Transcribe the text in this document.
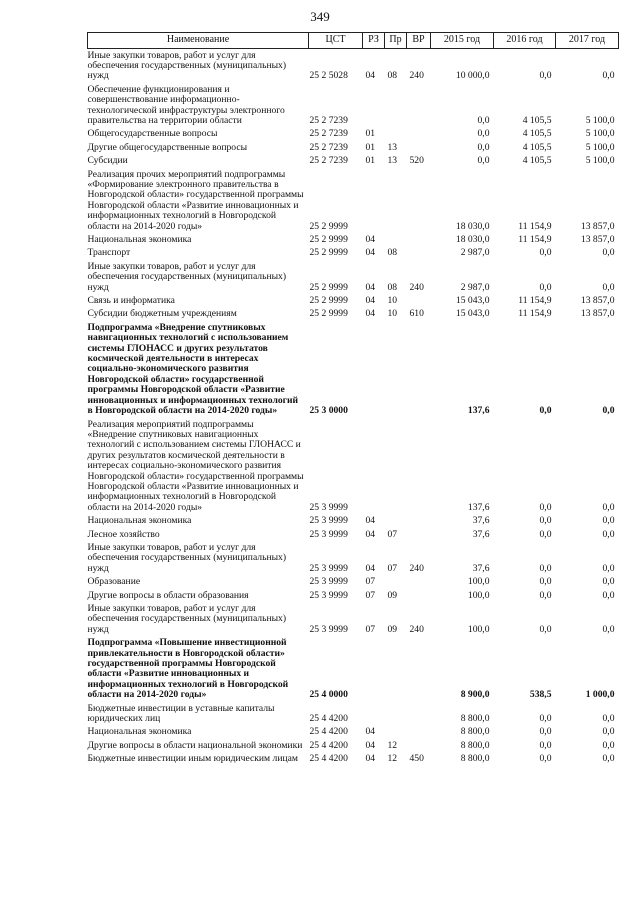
349
Наименование	ЦСТ	РЗ	Пр	ВР	2015 год	2016 год	2017 год
Иные закупки товаров, работ и услуг для обеспечения государственных (муниципальных) нужд	25 2 5028	04	08	240	10 000,0	0,0	0,0
Обеспечение функционирования и совершенствование информационно-технологической инфраструктуры электронного правительства на территории области	25 2 7239				0,0	4 105,5	5 100,0
Общегосударственные вопросы	25 2 7239	01			0,0	4 105,5	5 100,0
Другие общегосударственные вопросы	25 2 7239	01	13		0,0	4 105,5	5 100,0
Субсидии	25 2 7239	01	13	520	0,0	4 105,5	5 100,0
Реализация прочих мероприятий подпрограммы «Формирование электронного правительства в Новгородской области» государственной программы Новгородской области «Развитие инновационных и информационных технологий в Новгородской области на 2014-2020 годы»	25 2 9999				18 030,0	11 154,9	13 857,0
Национальная экономика	25 2 9999	04			18 030,0	11 154,9	13 857,0
Транспорт	25 2 9999	04	08		2 987,0	0,0	0,0
Иные закупки товаров, работ и услуг для обеспечения государственных (муниципальных) нужд	25 2 9999	04	08	240	2 987,0	0,0	0,0
Связь и информатика	25 2 9999	04	10		15 043,0	11 154,9	13 857,0
Субсидии бюджетным учреждениям	25 2 9999	04	10	610	15 043,0	11 154,9	13 857,0
Подпрограмма «Внедрение спутниковых навигационных технологий с использованием системы ГЛОНАСС и других результатов космической деятельности в интересах социально-экономического развития Новгородской области» государственной программы Новгородской области «Развитие инновационных и информационных технологий в Новгородской области на 2014-2020 годы»	25 3 0000				137,6	0,0	0,0
Реализация мероприятий подпрограммы «Внедрение спутниковых навигационных технологий с использованием системы ГЛОНАСС и других результатов космической деятельности в интересах социально-экономического развития Новгородской области» государственной программы Новгородской области «Развитие инновационных и информационных технологий в Новгородской области на 2014-2020 годы»	25 3 9999				137,6	0,0	0,0
Национальная экономика	25 3 9999	04			37,6	0,0	0,0
Лесное хозяйство	25 3 9999	04	07		37,6	0,0	0,0
Иные закупки товаров, работ и услуг для обеспечения государственных (муниципальных) нужд	25 3 9999	04	07	240	37,6	0,0	0,0
Образование	25 3 9999	07			100,0	0,0	0,0
Другие вопросы в области образования	25 3 9999	07	09		100,0	0,0	0,0
Иные закупки товаров, работ и услуг для обеспечения государственных (муниципальных) нужд	25 3 9999	07	09	240	100,0	0,0	0,0
Подпрограмма «Повышение инвестиционной привлекательности в Новгородской области» государственной программы Новгородской области «Развитие инновационных и информационных технологий в Новгородской области на 2014-2020 годы»	25 4 0000				8 900,0	538,5	1 000,0
Бюджетные инвестиции в уставные капиталы юридических лиц	25 4 4200				8 800,0	0,0	0,0
Национальная экономика	25 4 4200	04			8 800,0	0,0	0,0
Другие вопросы в области национальной экономики	25 4 4200	04	12		8 800,0	0,0	0,0
Бюджетные инвестиции иным юридическим лицам	25 4 4200	04	12	450	8 800,0	0,0	0,0
